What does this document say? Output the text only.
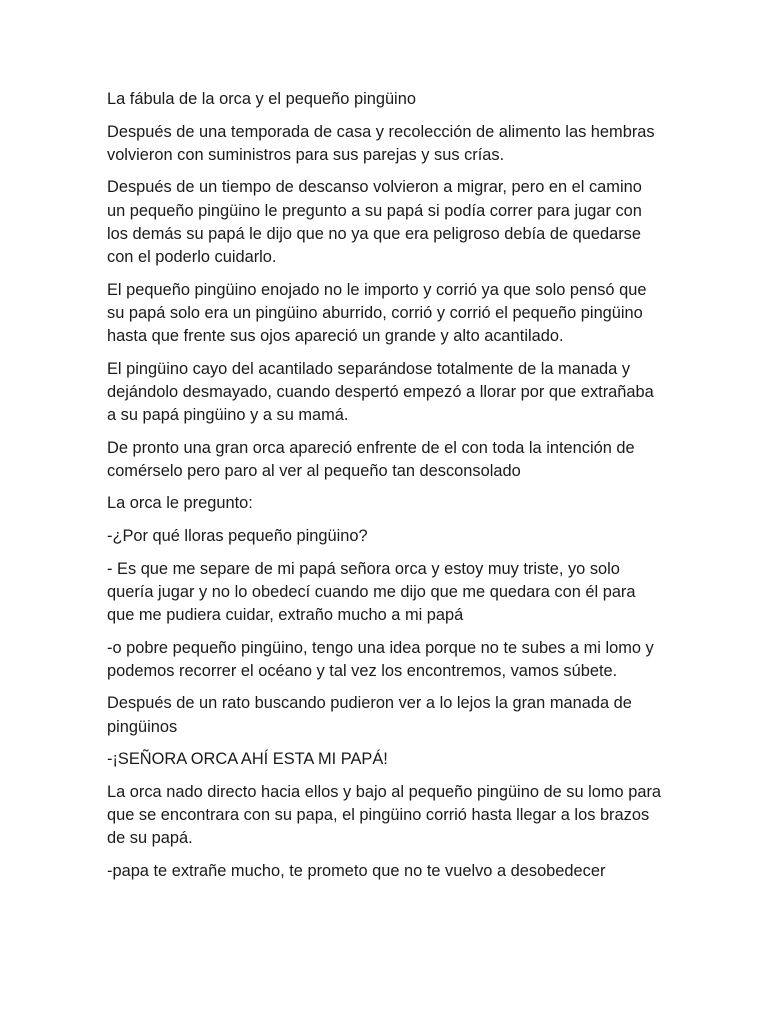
La fábula de la orca y el pequeño pingüino

Después de una temporada de casa y recolección de alimento las hembras volvieron con suministros para sus parejas y sus crías.

Después de un tiempo de descanso volvieron a migrar, pero en el camino  un pequeño pingüino le pregunto a su papá si podía correr para jugar con los demás su papá le dijo que no ya que era peligroso debía de quedarse con el poderlo cuidarlo.

El pequeño pingüino enojado no le importo y corrió ya que solo pensó que su papá solo era un pingüino aburrido, corrió y corrió el pequeño pingüino hasta que frente sus ojos apareció un grande y alto acantilado.

El pingüino cayo del acantilado separándose totalmente de la manada y dejándolo desmayado, cuando despertó empezó a llorar por que extrañaba  a su papá pingüino y a su mamá.

De pronto una gran orca apareció enfrente de el con toda la intención de comérselo pero paro al ver al pequeño tan desconsolado

La orca le pregunto:

-¿Por qué lloras pequeño pingüino?

- Es que me separe de mi papá señora orca y estoy muy triste, yo solo quería jugar y no lo obedecí cuando me dijo que me quedara con él para que me pudiera cuidar, extraño mucho a mi papá

-o pobre pequeño pingüino, tengo una idea porque no te subes a mi lomo y podemos recorrer el océano y tal vez los encontremos, vamos súbete.

Después de un rato buscando pudieron ver a lo lejos la gran manada de pingüinos

-¡SEÑORA ORCA AHÍ ESTA MI PAPÁ!

La orca nado directo hacia ellos y bajo al pequeño pingüino de su lomo para que se encontrara con su papa, el pingüino corrió hasta llegar a los brazos de su papá.

-papa te extrañe mucho, te prometo que no te vuelvo a desobedecer
